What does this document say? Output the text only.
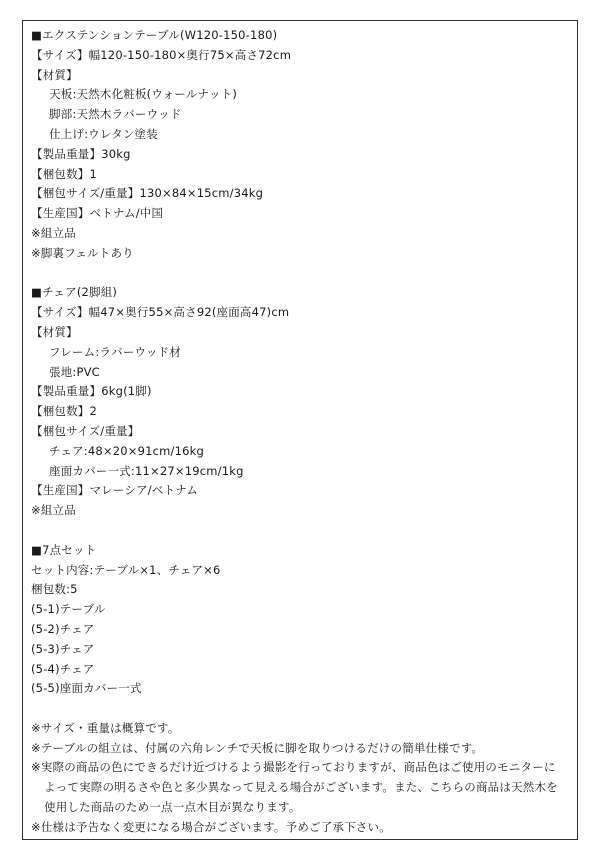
■エクステンションテーブル(W120-150-180)
【サイズ】幅120-150-180×奥行75×高さ72cm
【材質】
天板:天然木化粧板(ウォールナット)
脚部:天然木ラバーウッド
仕上げ:ウレタン塗装
【製品重量】30kg
【梱包数】1
【梱包サイズ/重量】130×84×15cm/34kg
【生産国】ベトナム/中国
※組立品
※脚裏フェルトあり
■チェア(2脚組)
【サイズ】幅47×奥行55×高さ92(座面高47)cm
【材質】
フレーム:ラバーウッド材
張地:PVC
【製品重量】6kg(1脚)
【梱包数】2
【梱包サイズ/重量】
チェア:48×20×91cm/16kg
座面カバー一式:11×27×19cm/1kg
【生産国】マレーシア/ベトナム
※組立品
■7点セット
セット内容:テーブル×1、チェア×6
梱包数:5
(5-1)テーブル
(5-2)チェア
(5-3)チェア
(5-4)チェア
(5-5)座面カバー一式
※サイズ・重量は概算です。
※テーブルの組立は、付属の六角レンチで天板に脚を取りつけるだけの簡単仕様です。
※実際の商品の色にできるだけ近づけるよう撮影を行っておりますが、商品色はご使用のモニターに
よって実際の明るさや色と多少異なって見える場合がございます。また、こちらの商品は天然木を
使用した商品のため一点一点木目が異なります。
※仕様は予告なく変更になる場合がございます。予めご了承下さい。
